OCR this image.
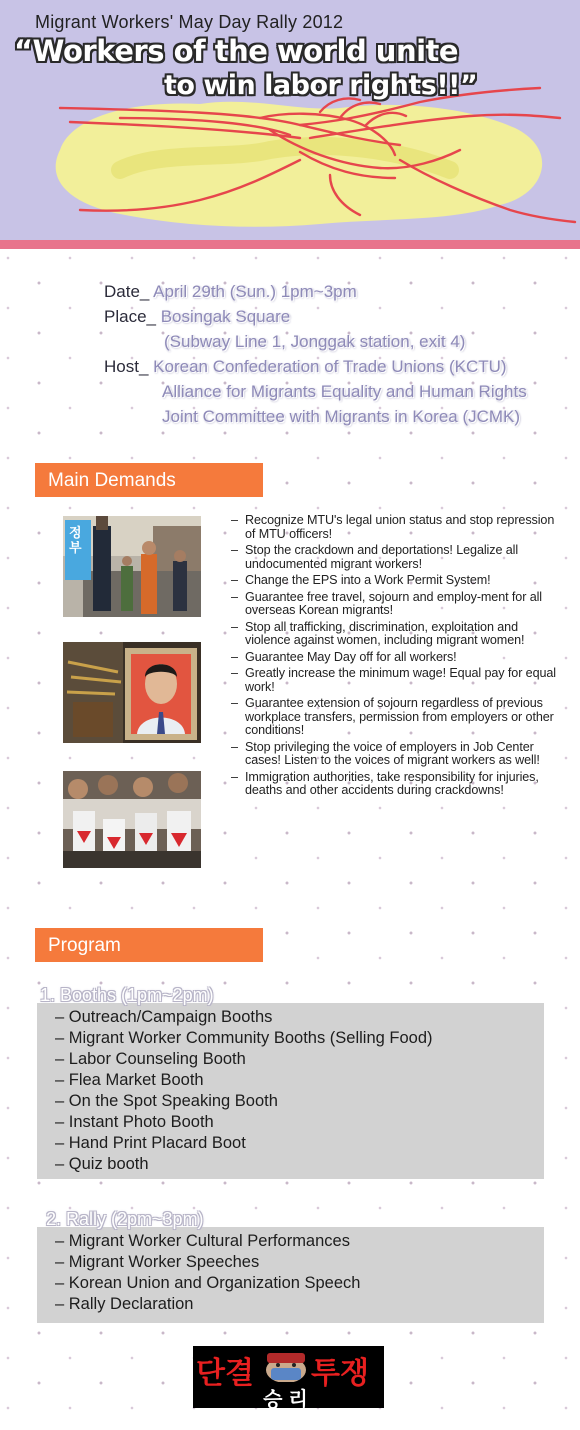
Migrant Workers' May Day Rally 2012
“Workers of the world unite
to win labor rights!!”
Date_ April 29th (Sun.) 1pm~3pm
Place_ Bosingak Square
(Subway Line 1, Jonggak station, exit 4)
Host_ Korean Confederation of Trade Unions (KCTU)
Alliance for Migrants Equality and Human Rights
Joint Committee with Migrants in Korea (JCMK)
Main Demands
정부
– Recognize MTU's legal union status and stop repression of MTU officers!
– Stop the crackdown and deportations! Legalize all undocumented migrant workers!
– Change the EPS into a Work Permit System!
– Guarantee free travel, sojourn and employ-ment for all overseas Korean migrants!
– Stop all trafficking, discrimination, exploitation and violence against women, including migrant women!
– Guarantee May Day off for all workers!
– Greatly increase the minimum wage! Equal pay for equal work!
– Guarantee extension of sojourn regardless of previous workplace transfers, permission from employers or other conditions!
– Stop privileging the voice of employers in Job Center cases! Listen to the voices of migrant workers as well!
– Immigration authorities, take responsibility for injuries, deaths and other accidents during crackdowns!
Program
1. Booths (1pm~2pm)
– Outreach/Campaign Booths
– Migrant Worker Community Booths (Selling Food)
– Labor Counseling Booth
– Flea Market Booth
– On the Spot Speaking Booth
– Instant Photo Booth
– Hand Print Placard Boot
– Quiz booth
2. Rally (2pm~3pm)
– Migrant Worker Cultural Performances
– Migrant Worker Speeches
– Korean Union and Organization Speech
– Rally Declaration
단결 투쟁
승리
